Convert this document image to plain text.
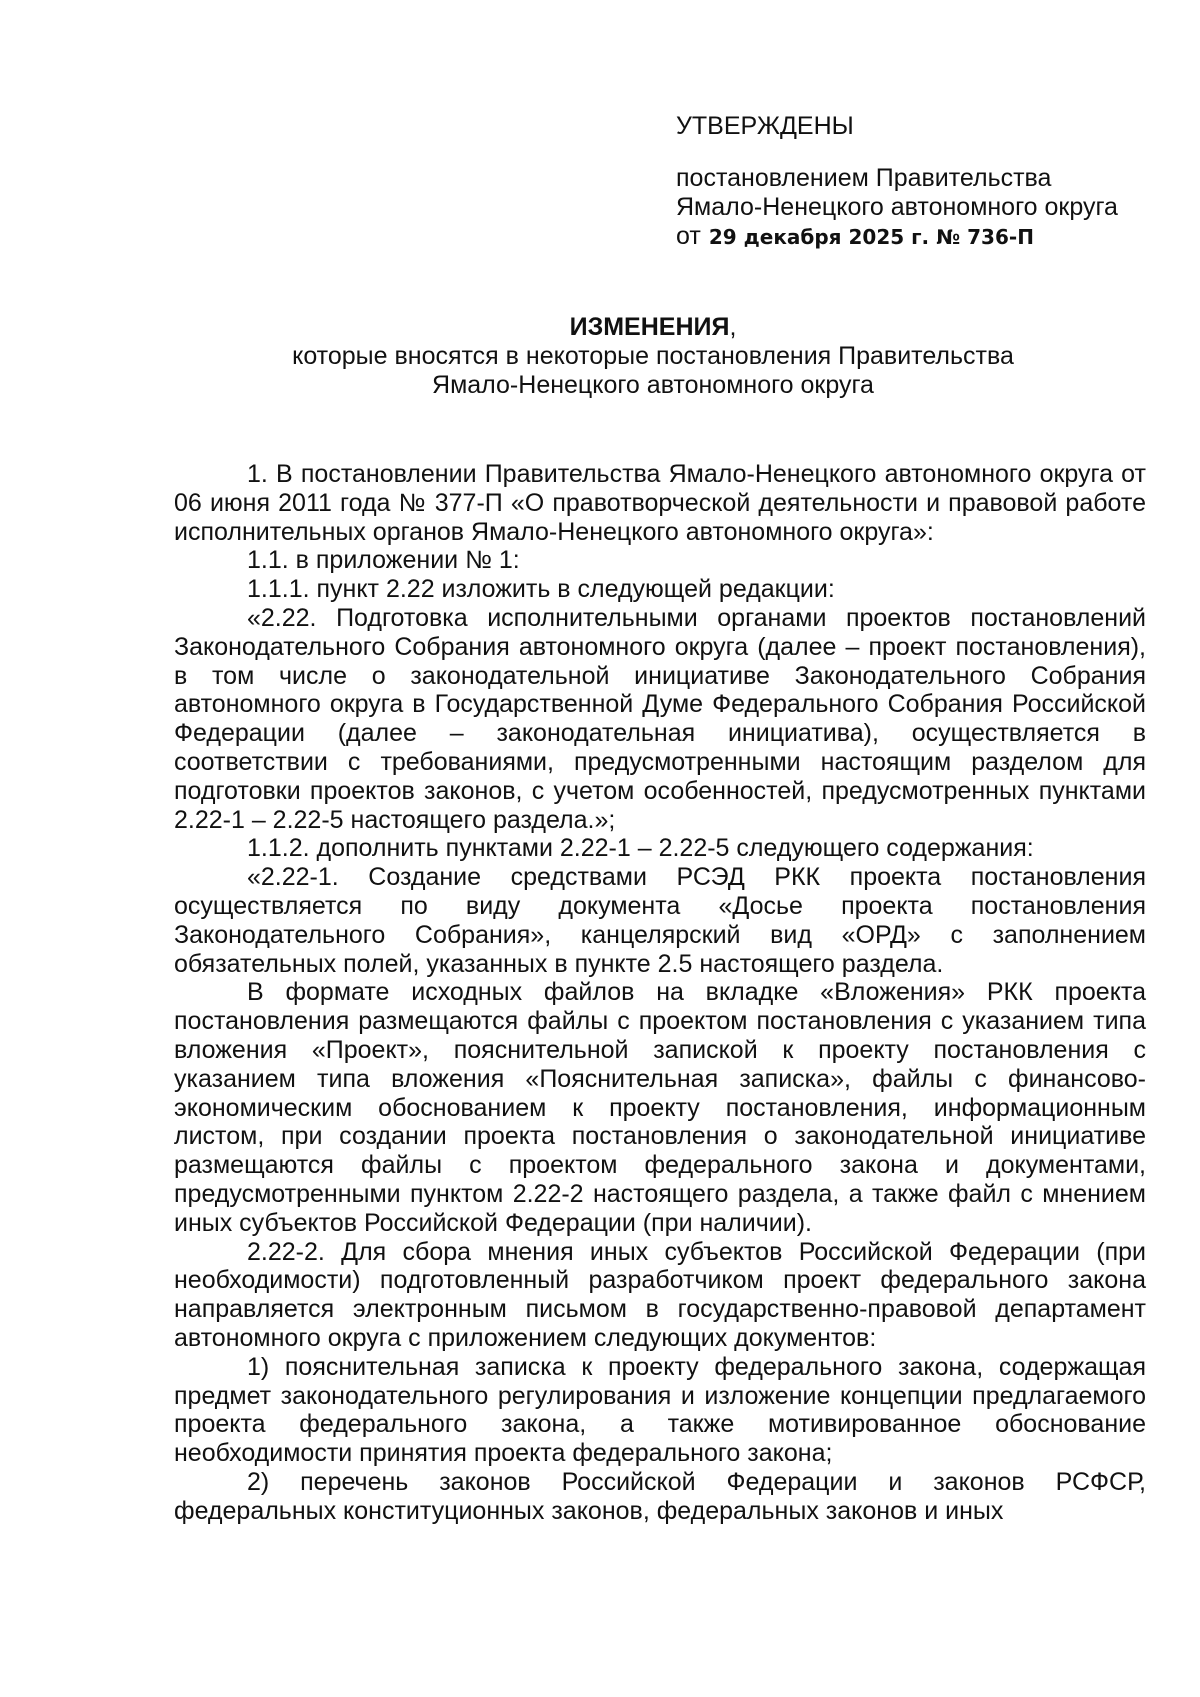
УТВЕРЖДЕНЫ
постановлением Правительства
Ямало-Ненецкого автономного округа
от 29 декабря 2025 г. № 736-П
ИЗМЕНЕНИЯ,
которые вносятся в некоторые постановления Правительства
Ямало-Ненецкого автономного округа

1. В постановлении Правительства Ямало-Ненецкого автономного округа от 06 июня 2011 года № 377-П «О правотворческой деятельности и правовой работе исполнительных органов Ямало-Ненецкого автономного округа»:

1.1. в приложении № 1:

1.1.1. пункт 2.22 изложить в следующей редакции:

«2.22. Подготовка исполнительными органами проектов постановлений Законодательного Собрания автономного округа (далее – проект постановления), в том числе о законодательной инициативе Законодательного Собрания автономного округа в Государственной Думе Федерального Собрания Российской Федерации (далее – законодательная инициатива), осуществляется в соответствии с требованиями, предусмотренными настоящим разделом для подготовки проектов законов, с учетом особенностей, предусмотренных пунктами 2.22-1 – 2.22-5 настоящего раздела.»;

1.1.2. дополнить пунктами 2.22-1 – 2.22-5 следующего содержания:

«2.22-1. Создание средствами РСЭД РКК проекта постановления осуществляется по виду документа «Досье проекта постановления Законодательного Собрания», канцелярский вид «ОРД» с заполнением обязательных полей, указанных в пункте 2.5 настоящего раздела.

В формате исходных файлов на вкладке «Вложения» РКК проекта постановления размещаются файлы с проектом постановления с указанием типа вложения «Проект», пояснительной запиской к проекту постановления с указанием типа вложения «Пояснительная записка», файлы с финансово-экономическим обоснованием к проекту постановления, информационным листом, при создании проекта постановления о законодательной инициативе размещаются файлы с проектом федерального закона и документами, предусмотренными пунктом 2.22-2 настоящего раздела, а также файл с мнением иных субъектов Российской Федерации (при наличии).

2.22-2. Для сбора мнения иных субъектов Российской Федерации (при необходимости) подготовленный разработчиком проект федерального закона направляется электронным письмом в государственно-правовой департамент автономного округа с приложением следующих документов:

1) пояснительная записка к проекту федерального закона, содержащая предмет законодательного регулирования и изложение концепции предлагаемого проекта федерального закона, а также мотивированное обоснование необходимости принятия проекта федерального закона;

2) перечень законов Российской Федерации и законов РСФСР, федеральных конституционных законов, федеральных законов и иных
